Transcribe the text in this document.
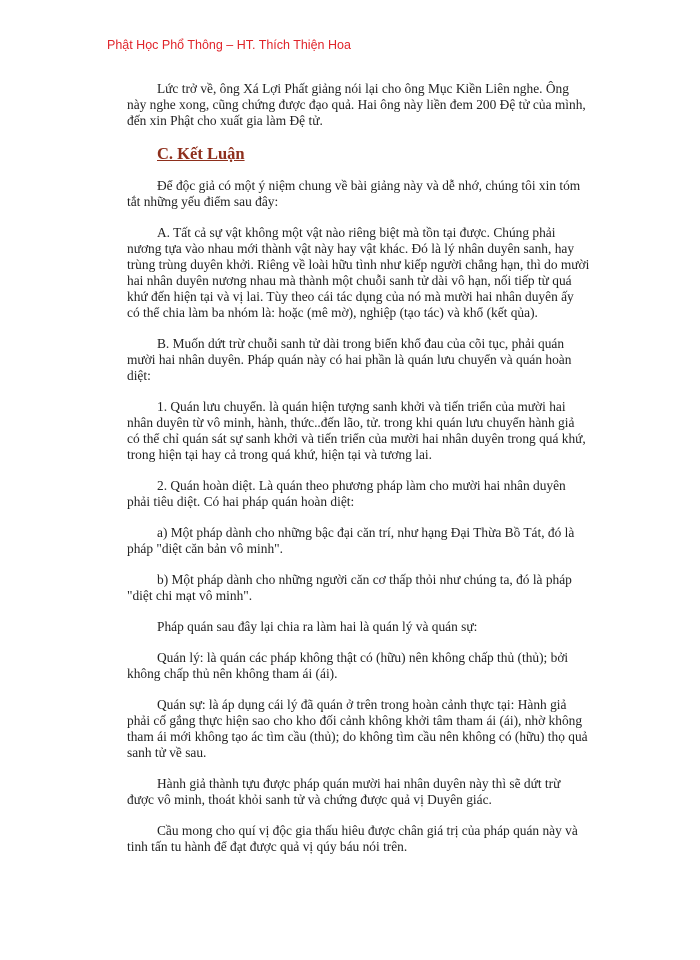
Phật Học Phổ Thông – HT. Thích Thiện Hoa
Lức trở về, ông Xá Lợi Phất giảng nói lại cho ông Mục Kiền Liên nghe. Ông
này nghe xong, cũng chứng được đạo quả. Hai ông này liền đem 200 Đệ tử của mình,
đến xin Phật cho xuất gia làm Đệ tử.
C. Kết Luận
Để độc giả có một ý niệm chung về bài giảng này và dễ nhớ, chúng tôi xin tóm
tắt những yếu điểm sau đây:
A. Tất cả sự vật không một vật nào riêng biệt mà tồn tại được. Chúng phải
nương tựa vào nhau mới thành vật này hay vật khác. Đó là lý nhân duyên sanh, hay
trùng trùng duyên khởi. Riêng về loài hữu tình như kiếp người chẳng hạn, thì do mười
hai nhân duyên nương nhau mà thành một chuỗi sanh tử dài vô hạn, nối tiếp từ quá
khứ đến hiện tại và vị lai. Tùy theo cái tác dụng của nó mà mười hai nhân duyên ấy
có thể chia làm ba nhóm là: hoặc (mê mờ), nghiệp (tạo tác) và khổ (kết qủa).
B. Muốn dứt trừ chuỗi sanh tử dài trong biển khổ đau của cõi tục, phải quán
mười hai nhân duyên. Pháp quán này có hai phần là quán lưu chuyển và quán hoàn
diệt:
1. Quán lưu chuyển. là quán hiện tượng sanh khởi và tiến triển của mười hai
nhân duyên từ vô minh, hành, thức..đến lão, tử. trong khi quán lưu chuyển hành giả
có thể chỉ quán sát sự sanh khởi và tiến triển của mười hai nhân duyên trong quá khứ,
trong hiện tại hay cả trong quá khứ, hiện tại và tương lai.
2. Quán hoàn diệt. Là quán theo phương pháp làm cho mười hai nhân duyên
phải tiêu diệt. Có hai pháp quán hoàn diệt:
a) Một pháp dành cho những bậc đại căn trí, như hạng Đại Thừa Bồ Tát, đó là
pháp "diệt căn bản vô minh".
b) Một pháp dành cho những người căn cơ thấp thỏi như chúng ta, đó là pháp
"diệt chi mạt vô minh".
Pháp quán sau đây lại chia ra làm hai là quán lý và quán sự:
Quán lý: là quán các pháp không thật có (hữu) nên không chấp thủ (thủ); bởi
không chấp thủ nên không tham ái (ái).
Quán sự: là áp dụng cái lý đã quán ở trên trong hoàn cảnh thực tại: Hành giả
phải cố gắng thực hiện sao cho kho đối cảnh không khởi tâm tham ái (ái), nhờ không
tham ái mới không tạo ác tìm cầu (thủ); do không tìm cầu nên không có (hữu) thọ quả
sanh tử về sau.
Hành giả thành tựu được pháp quán mười hai nhân duyên này thì sẽ dứt trừ
được vô minh, thoát khỏi sanh tử và chứng được quả vị Duyên giác.
Cầu mong cho quí vị độc gia thấu hiêu được chân giá trị của pháp quán này và
tinh tấn tu hành để đạt được quả vị qúy báu nói trên.
